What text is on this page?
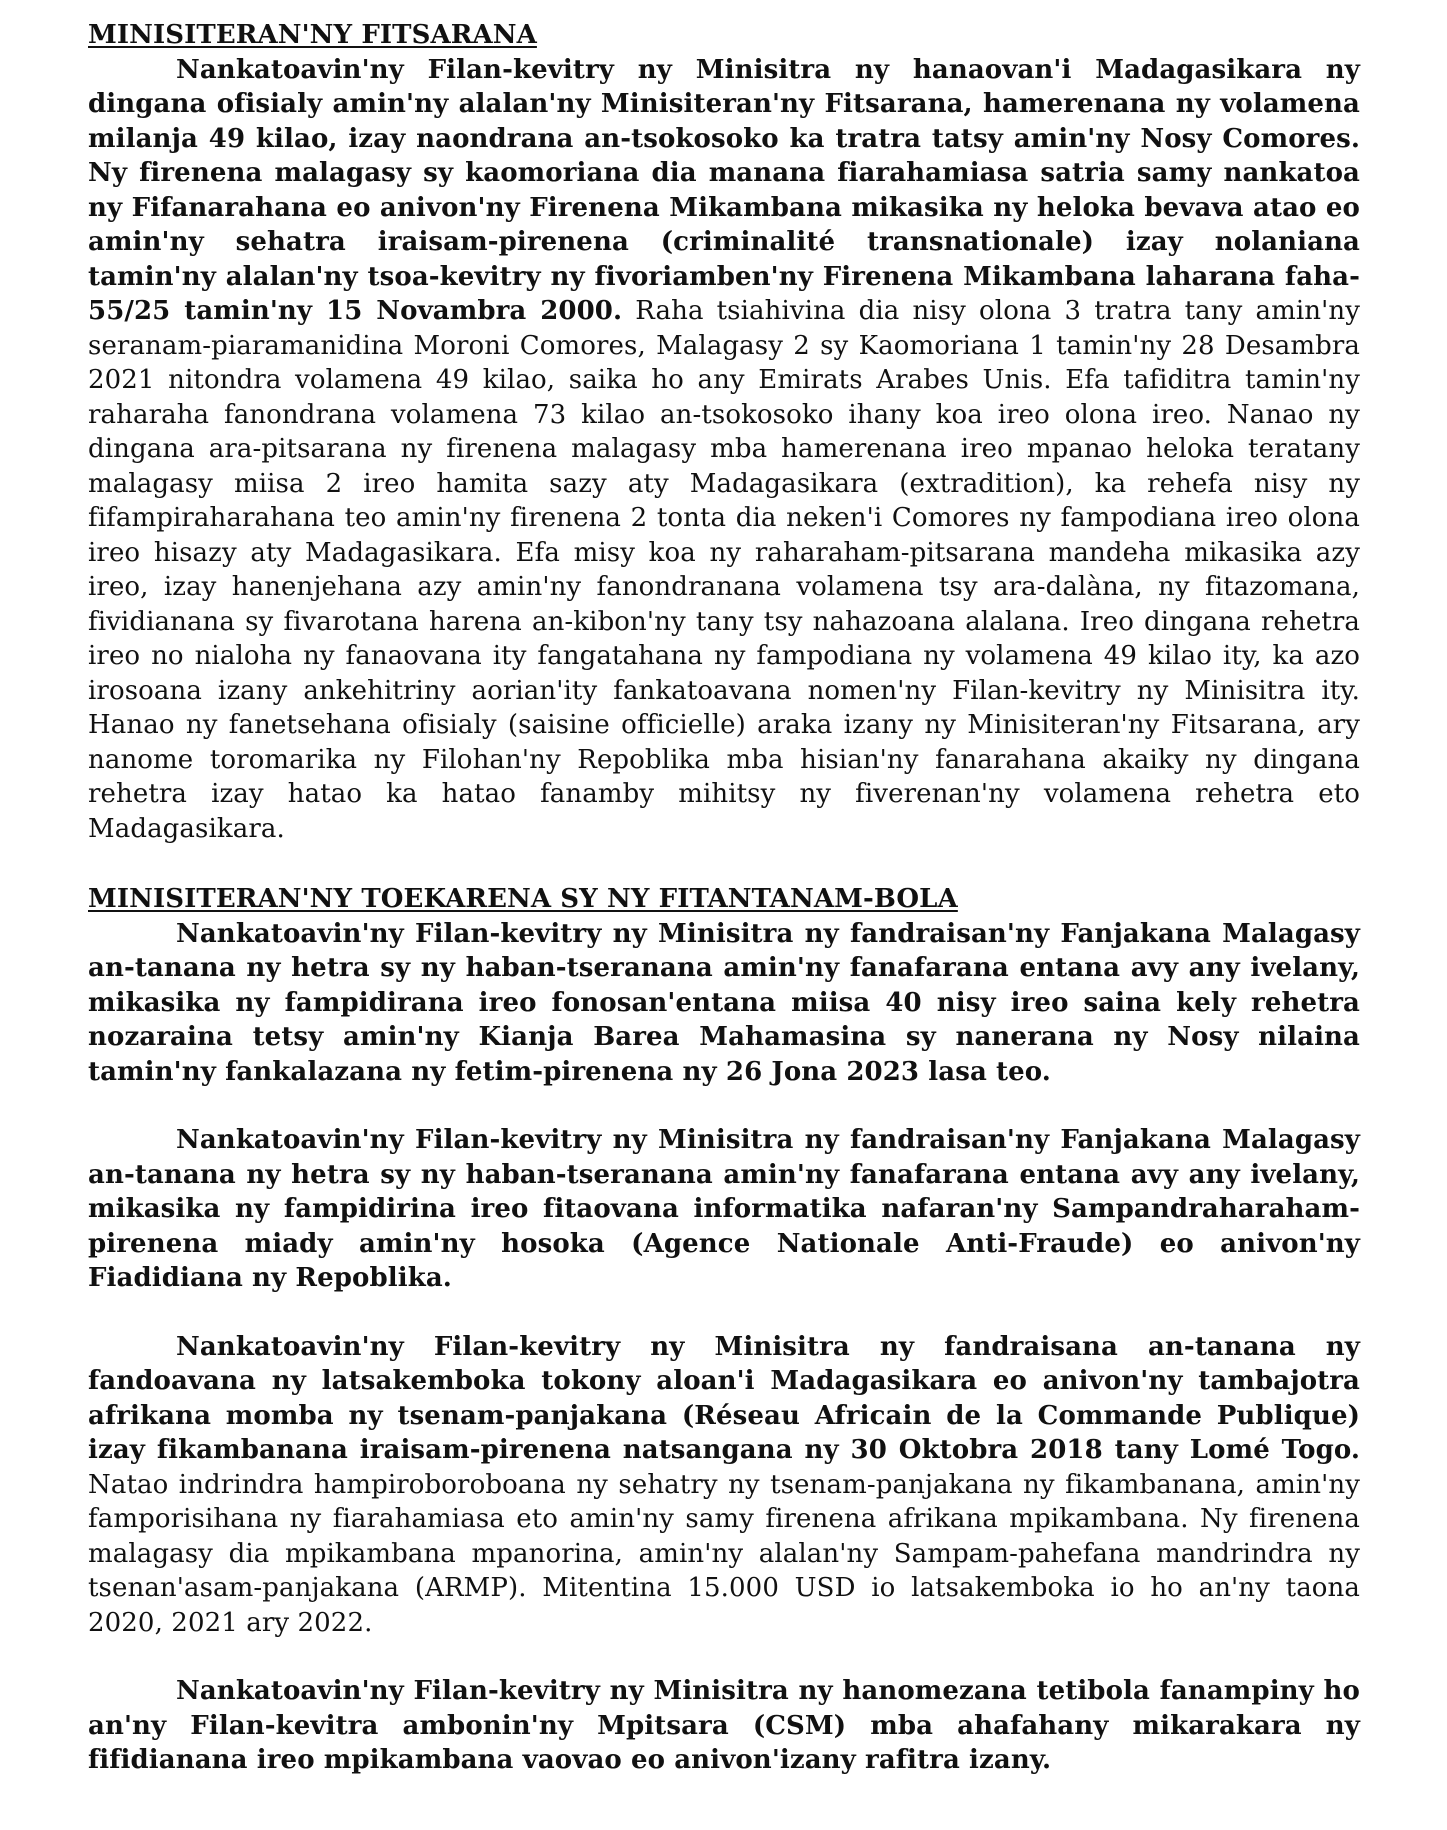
MINISITERAN'NY FITSARANA

Nankatoavin'ny Filan-kevitry ny Minisitra ny hanaovan'i Madagasikara ny dingana ofisialy amin'ny alalan'ny Minisiteran'ny Fitsarana, hamerenana ny volamena milanja 49 kilao, izay naondrana an-tsokosoko ka tratra tatsy amin'ny Nosy Comores. Ny firenena malagasy sy kaomoriana dia manana fiarahamiasa satria samy nankatoa ny Fifanarahana eo anivon'ny Firenena Mikambana mikasika ny heloka bevava atao eo amin'ny sehatra iraisam-pirenena (criminalité transnationale) izay nolaniana tamin'ny alalan'ny tsoa-kevitry ny fivoriamben'ny Firenena Mikambana laharana faha-55/25 tamin'ny 15 Novambra 2000. Raha tsiahivina dia nisy olona 3 tratra tany amin'ny seranam-piaramanidina Moroni Comores, Malagasy 2 sy Kaomoriana 1 tamin'ny 28 Desambra 2021 nitondra volamena 49 kilao, saika ho any Emirats Arabes Unis. Efa tafiditra tamin'ny raharaha fanondrana volamena 73 kilao an-tsokosoko ihany koa ireo olona ireo. Nanao ny dingana ara-pitsarana ny firenena malagasy mba hamerenana ireo mpanao heloka teratany malagasy miisa 2 ireo hamita sazy aty Madagasikara (extradition), ka rehefa nisy ny fifampiraharahana teo amin'ny firenena 2 tonta dia neken'i Comores ny fampodiana ireo olona ireo hisazy aty Madagasikara. Efa misy koa ny raharaham-pitsarana mandeha mikasika azy ireo, izay hanenjehana azy amin'ny fanondranana volamena tsy ara-dalàna, ny fitazomana, fividianana sy fivarotana harena an-kibon'ny tany tsy nahazoana alalana. Ireo dingana rehetra ireo no nialoha ny fanaovana ity fangatahana ny fampodiana ny volamena 49 kilao ity, ka azo irosoana izany ankehitriny aorian'ity fankatoavana nomen'ny Filan-kevitry ny Minisitra ity. Hanao ny fanetsehana ofisialy (saisine officielle) araka izany ny Minisiteran'ny Fitsarana, ary nanome toromarika ny Filohan'ny Repoblika mba hisian'ny fanarahana akaiky ny dingana rehetra izay hatao ka hatao fanamby mihitsy ny fiverenan'ny volamena rehetra eto Madagasikara.

MINISITERAN'NY TOEKARENA SY NY FITANTANAM-BOLA

Nankatoavin'ny Filan-kevitry ny Minisitra ny fandraisan'ny Fanjakana Malagasy an-tanana ny hetra sy ny haban-tseranana amin'ny fanafarana entana avy any ivelany, mikasika ny fampidirana ireo fonosan'entana miisa 40 nisy ireo saina kely rehetra nozaraina tetsy amin'ny Kianja Barea Mahamasina sy nanerana ny Nosy nilaina tamin'ny fankalazana ny fetim-pirenena ny 26 Jona 2023 lasa teo.

Nankatoavin'ny Filan-kevitry ny Minisitra ny fandraisan'ny Fanjakana Malagasy an-tanana ny hetra sy ny haban-tseranana amin'ny fanafarana entana avy any ivelany, mikasika ny fampidirina ireo fitaovana informatika nafaran'ny Sampandraharaham-pirenena miady amin'ny hosoka (Agence Nationale Anti-Fraude) eo anivon'ny Fiadidiana ny Repoblika.

Nankatoavin'ny Filan-kevitry ny Minisitra ny fandraisana an-tanana ny fandoavana ny latsakemboka tokony aloan'i Madagasikara eo anivon'ny tambajotra afrikana momba ny tsenam-panjakana (Réseau Africain de la Commande Publique) izay fikambanana iraisam-pirenena natsangana ny 30 Oktobra 2018 tany Lomé Togo. Natao indrindra hampiroboroboana ny sehatry ny tsenam-panjakana ny fikambanana, amin'ny famporisihana ny fiarahamiasa eto amin'ny samy firenena afrikana mpikambana. Ny firenena malagasy dia mpikambana mpanorina, amin'ny alalan'ny Sampam-pahefana mandrindra ny tsenan'asam-panjakana (ARMP). Mitentina 15.000 USD io latsakemboka io ho an'ny taona 2020, 2021 ary 2022.

Nankatoavin'ny Filan-kevitry ny Minisitra ny hanomezana tetibola fanampiny ho an'ny Filan-kevitra ambonin'ny Mpitsara (CSM) mba ahafahany mikarakara ny fifidianana ireo mpikambana vaovao eo anivon'izany rafitra izany.
